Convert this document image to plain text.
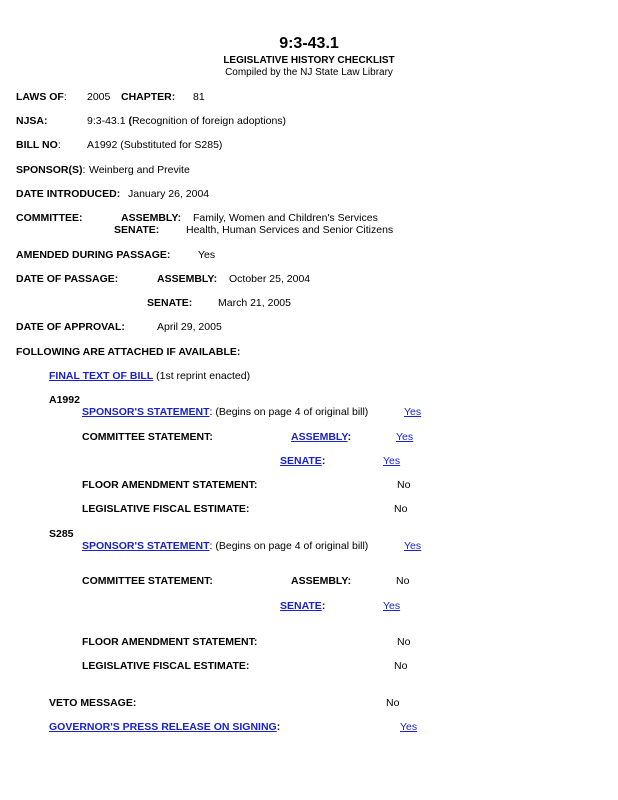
9:3-43.1
LEGISLATIVE HISTORY CHECKLIST
Compiled by the NJ State Law Library
LAWS OF: 2005 CHAPTER: 81
NJSA:	9:3-43.1 (Recognition of foreign adoptions)
BILL NO:	A1992 (Substituted for S285)
SPONSOR(S): Weinberg and Previte
DATE INTRODUCED: January 26, 2004
COMMITTEE:	ASSEMBLY: Family, Women and Children's Services
SENATE:	Health, Human Services and Senior Citizens
AMENDED DURING PASSAGE:	Yes
DATE OF PASSAGE:	ASSEMBLY: October 25, 2004
SENATE: March 21, 2005
DATE OF APPROVAL:	April 29, 2005
FOLLOWING ARE ATTACHED IF AVAILABLE:
FINAL TEXT OF BILL (1st reprint enacted)
A1992
SPONSOR'S STATEMENT: (Begins on page 4 of original bill)	Yes
COMMITTEE STATEMENT:	ASSEMBLY:	Yes
SENATE:	Yes
FLOOR AMENDMENT STATEMENT:	No
LEGISLATIVE FISCAL ESTIMATE:	No
S285
SPONSOR'S STATEMENT: (Begins on page 4 of original bill)	Yes
COMMITTEE STATEMENT:	ASSEMBLY:	No
SENATE:	Yes
FLOOR AMENDMENT STATEMENT:	No
LEGISLATIVE FISCAL ESTIMATE:	No
VETO MESSAGE:	No
GOVERNOR'S PRESS RELEASE ON SIGNING:	Yes
